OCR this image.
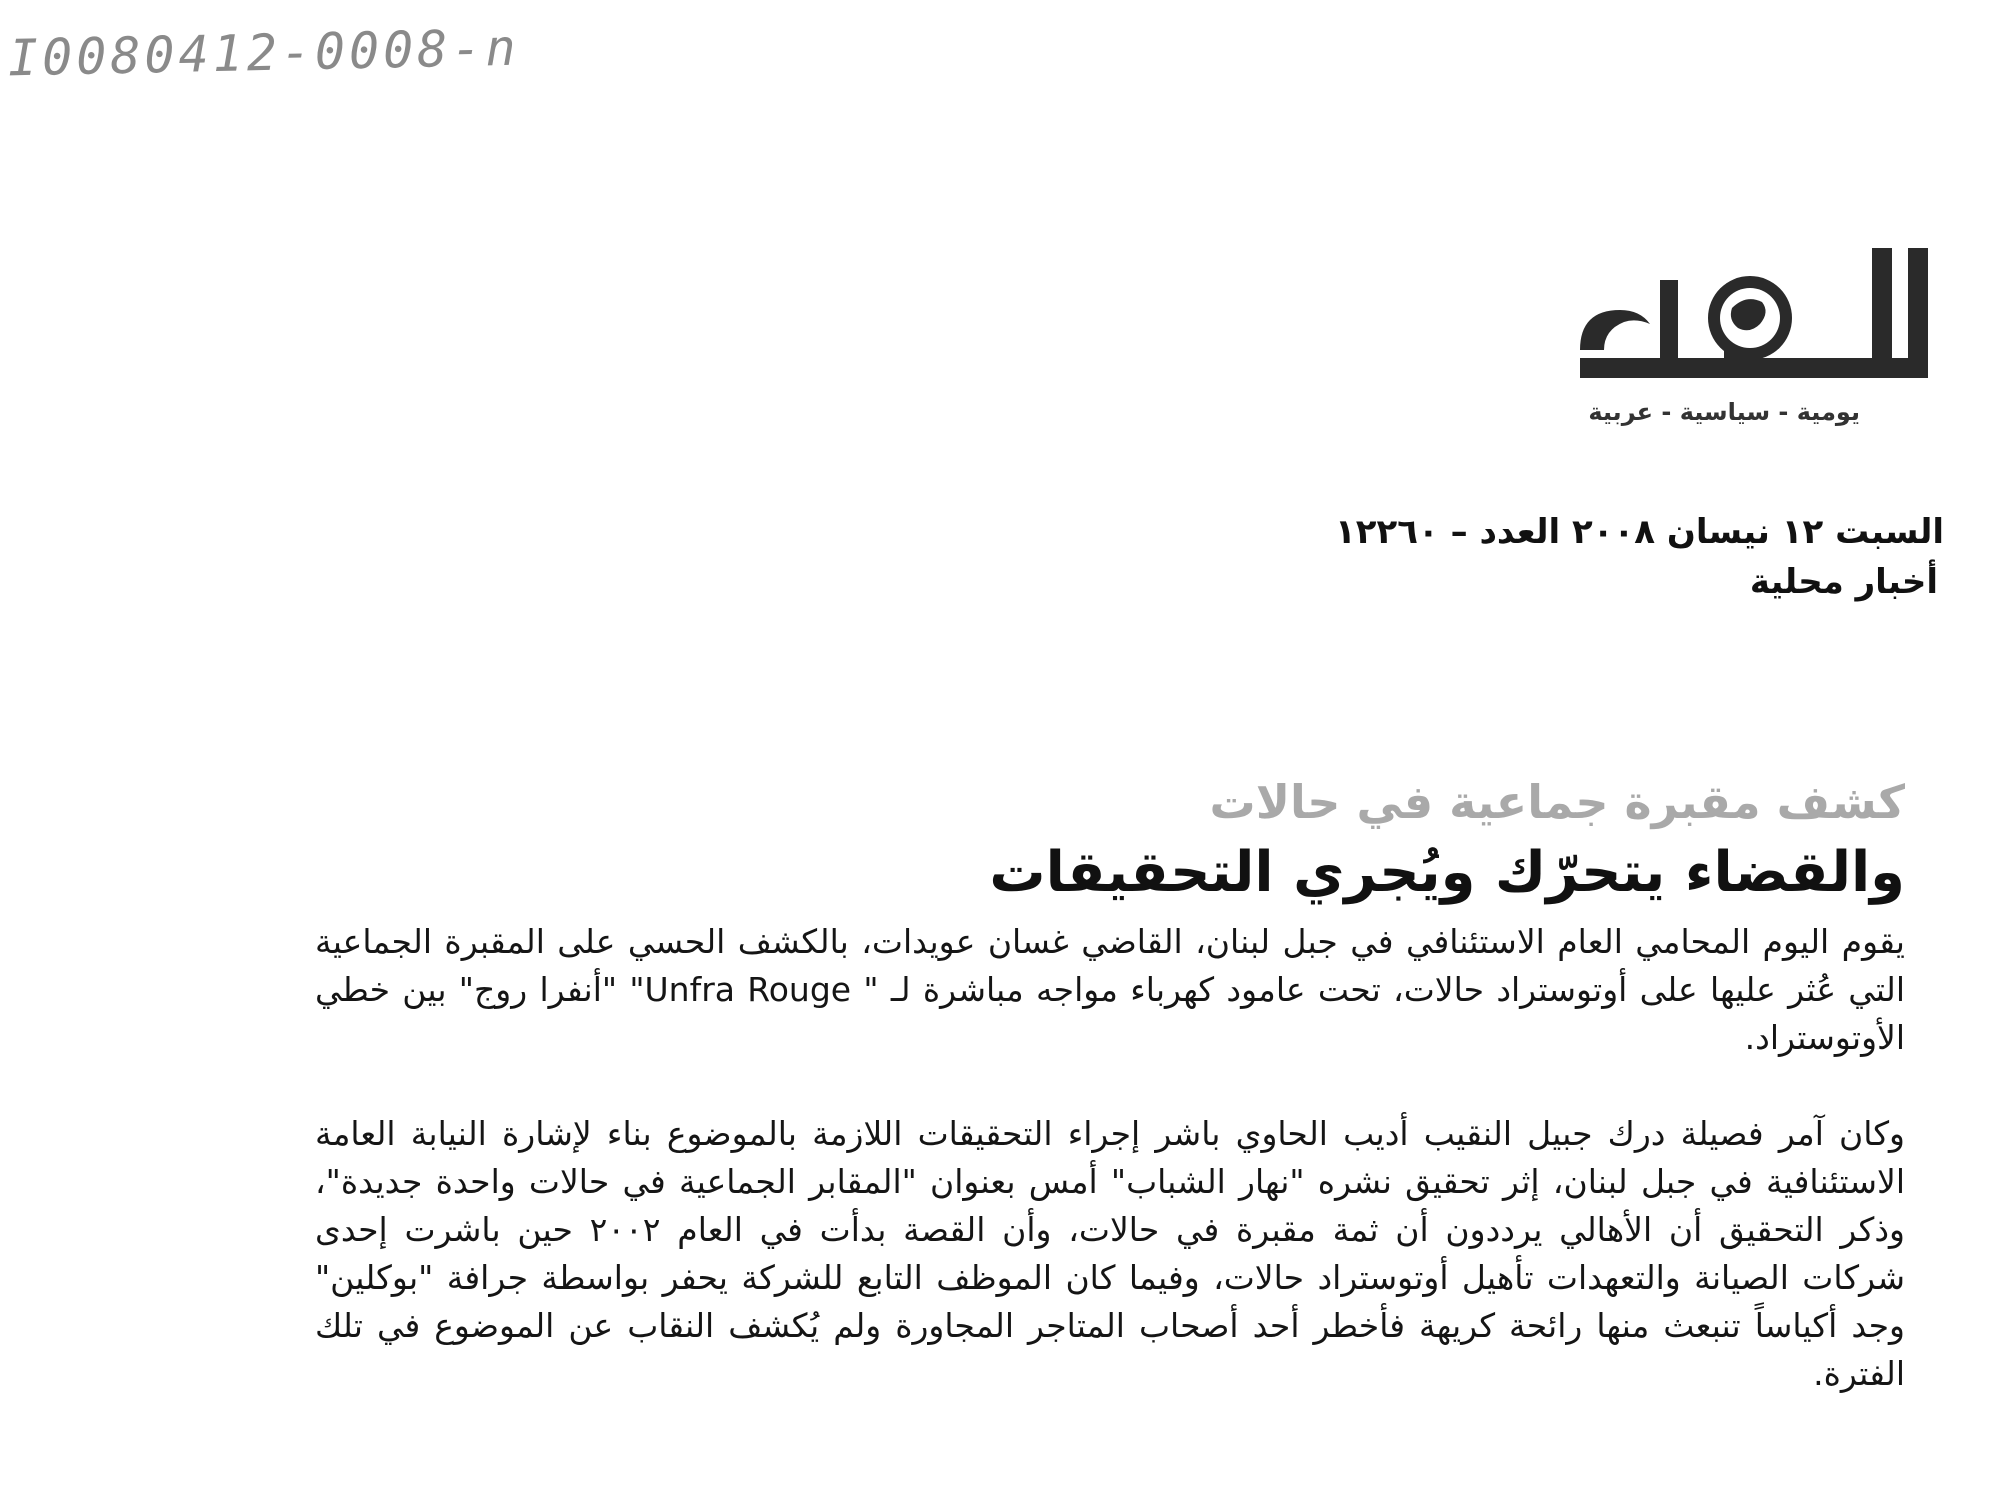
I0080412-0008-n
يومية - سياسية - عربية
السبت ١٢ نيسان ٢٠٠٨ العدد – ١٢٢٦٠
أخبار محلية
كشف مقبرة جماعية في حالات
والقضاء يتحرّك ويُجري التحقيقات

يقوم اليوم المحامي العام الاستئنافي في جبل لبنان، القاضي غسان عويدات، بالكشف الحسي على المقبرة الجماعية التي عُثر عليها على أوتوستراد حالات، تحت عامود كهرباء مواجه مباشرة لـ " Unfra Rouge" "أنفرا روج" بين خطي الأوتوستراد.

وكان آمر فصيلة درك جبيل النقيب أديب الحاوي باشر إجراء التحقيقات اللازمة بالموضوع بناء لإشارة النيابة العامة الاستئنافية في جبل لبنان، إثر تحقيق نشره "نهار الشباب" أمس بعنوان "المقابر الجماعية في حالات واحدة جديدة"، وذكر التحقيق أن الأهالي يرددون أن ثمة مقبرة في حالات، وأن القصة بدأت في العام ٢٠٠٢ حين باشرت إحدى شركات الصيانة والتعهدات تأهيل أوتوستراد حالات، وفيما كان الموظف التابع للشركة يحفر بواسطة جرافة "بوكلين" وجد أكياساً تنبعث منها رائحة كريهة فأخطر أحد أصحاب المتاجر المجاورة ولم يُكشف النقاب عن الموضوع في تلك الفترة.
